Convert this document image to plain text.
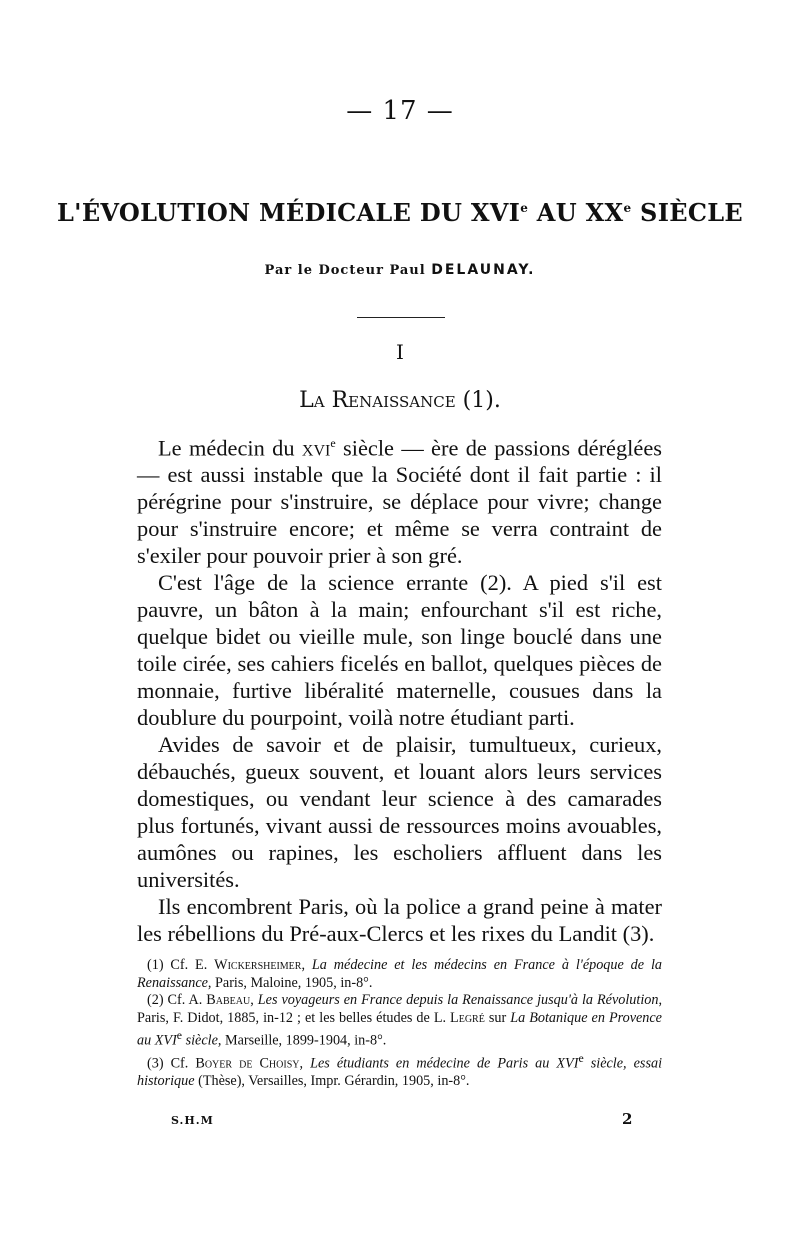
— 17 —
L'ÉVOLUTION MÉDICALE DU XVIe AU XXe SIÈCLE
Par le Docteur Paul DELAUNAY.
I
La Renaissance (1).

Le médecin du xvi$^e$ siècle — ère de passions déréglées — est aussi instable que la Société dont il fait partie : il pérégrine pour s'instruire, se déplace pour vivre; change pour s'instruire encore; et même se verra contraint de s'exiler pour pouvoir prier à son gré.

C'est l'âge de la science errante (2). A pied s'il est pauvre, un bâton à la main; enfourchant s'il est riche, quelque bidet ou vieille mule, son linge bouclé dans une toile cirée, ses cahiers ficelés en ballot, quelques pièces de monnaie, furtive libéralité maternelle, cousues dans la doublure du pourpoint, voilà notre étudiant parti.

Avides de savoir et de plaisir, tumultueux, curieux, débauchés, gueux souvent, et louant alors leurs services domestiques, ou vendant leur science à des camarades plus fortunés, vivant aussi de ressources moins avouables, aumônes ou rapines, les escholiers affluent dans les universités.

Ils encombrent Paris, où la police a grand peine à mater les rébellions du Pré-aux-Clercs et les rixes du Landit (3).

(1) Cf. E. Wickersheimer, La médecine et les médecins en France à l'époque de la Renaissance, Paris, Maloine, 1905, in-8°.

(2) Cf. A. Babeau, Les voyageurs en France depuis la Renaissance jusqu'à la Révolution, Paris, F. Didot, 1885, in-12 ; et les belles études de L. Legré sur La Botanique en Provence au XVIe siècle, Marseille, 1899-1904, in-8°.

(3) Cf. Boyer de Choisy, Les étudiants en médecine de Paris au XVIe siècle, essai historique (Thèse), Versailles, Impr. Gérardin, 1905, in-8°.

S.H.M	2
